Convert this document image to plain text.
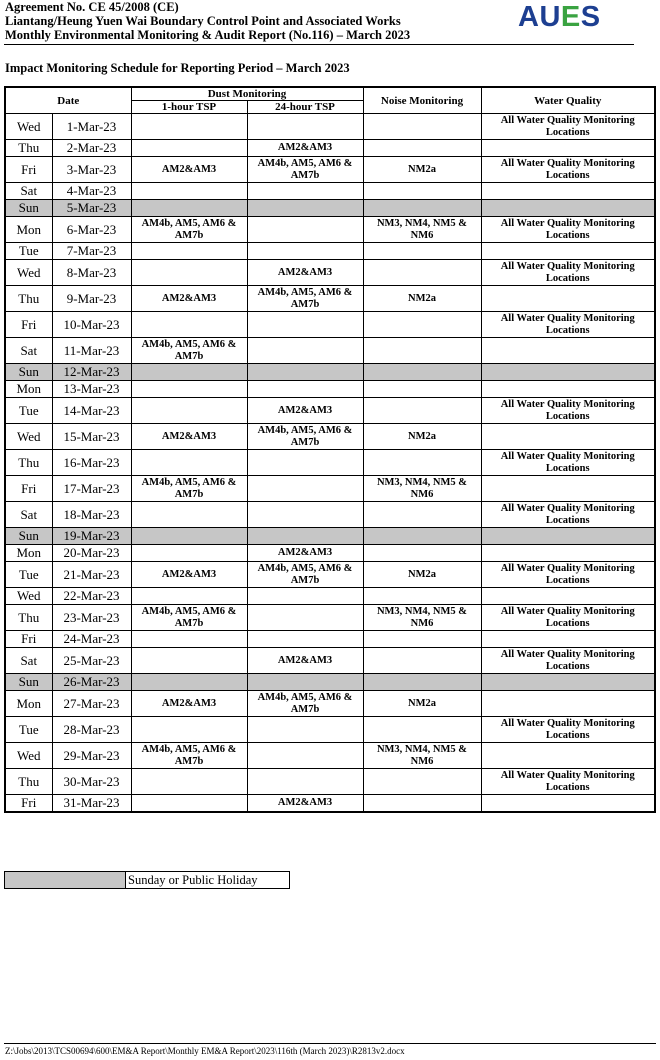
Agreement No. CE 45/2008 (CE)
Liantang/Heung Yuen Wai Boundary Control Point and Associated Works
Monthly Environmental Monitoring & Audit Report (No.116) – March 2023
AUES
Impact Monitoring Schedule for Reporting Period – March 2023
Date		Dust Monitoring		Noise Monitoring	Water Quality
		1-hour TSP	24-hour TSP		
Wed	1-Mar-23				All Water Quality Monitoring Locations
Thu	2-Mar-23		AM2&AM3		
Fri	3-Mar-23	AM2&AM3	AM4b, AM5, AM6 & AM7b	NM2a	All Water Quality Monitoring Locations
Sat	4-Mar-23				
Sun	5-Mar-23				
Mon	6-Mar-23	AM4b, AM5, AM6 & AM7b		NM3, NM4, NM5 & NM6	All Water Quality Monitoring Locations
Tue	7-Mar-23				
Wed	8-Mar-23		AM2&AM3		All Water Quality Monitoring Locations
Thu	9-Mar-23	AM2&AM3	AM4b, AM5, AM6 & AM7b	NM2a	
Fri	10-Mar-23				All Water Quality Monitoring Locations
Sat	11-Mar-23	AM4b, AM5, AM6 & AM7b			
Sun	12-Mar-23				
Mon	13-Mar-23				
Tue	14-Mar-23		AM2&AM3		All Water Quality Monitoring Locations
Wed	15-Mar-23	AM2&AM3	AM4b, AM5, AM6 & AM7b	NM2a	
Thu	16-Mar-23				All Water Quality Monitoring Locations
Fri	17-Mar-23	AM4b, AM5, AM6 & AM7b		NM3, NM4, NM5 & NM6	
Sat	18-Mar-23				All Water Quality Monitoring Locations
Sun	19-Mar-23				
Mon	20-Mar-23		AM2&AM3		
Tue	21-Mar-23	AM2&AM3	AM4b, AM5, AM6 & AM7b	NM2a	All Water Quality Monitoring Locations
Wed	22-Mar-23				
Thu	23-Mar-23	AM4b, AM5, AM6 & AM7b		NM3, NM4, NM5 & NM6	All Water Quality Monitoring Locations
Fri	24-Mar-23				
Sat	25-Mar-23		AM2&AM3		All Water Quality Monitoring Locations
Sun	26-Mar-23				
Mon	27-Mar-23	AM2&AM3	AM4b, AM5, AM6 & AM7b	NM2a	
Tue	28-Mar-23				All Water Quality Monitoring Locations
Wed	29-Mar-23	AM4b, AM5, AM6 & AM7b		NM3, NM4, NM5 & NM6	
Thu	30-Mar-23				All Water Quality Monitoring Locations
Fri	31-Mar-23		AM2&AM3		
Sunday or Public Holiday
Z:\Jobs\2013\TCS00694\600\EM&A Report\Monthly EM&A Report\2023\116th (March 2023)\R2813v2.docx
